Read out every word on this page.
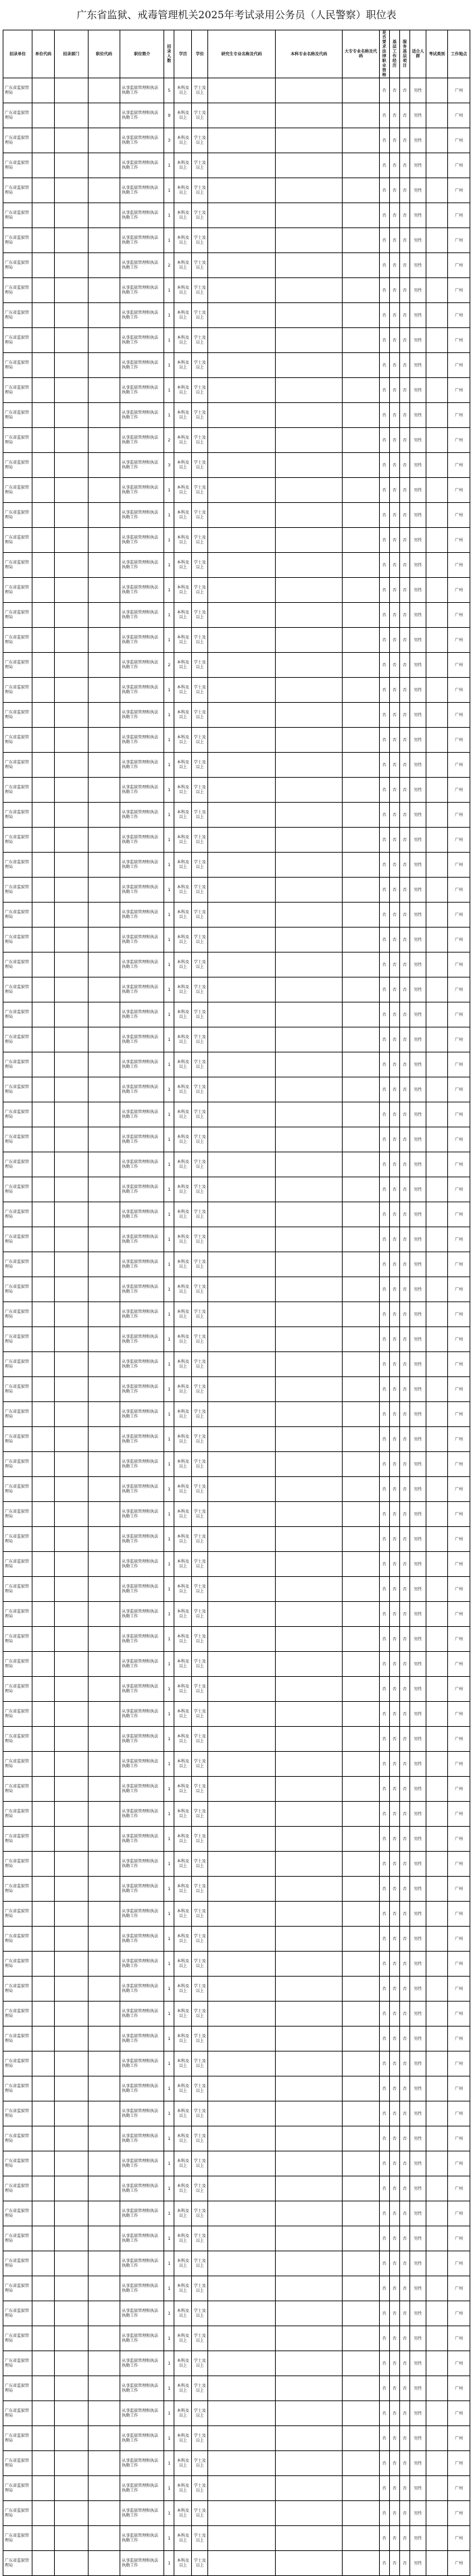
广东省监狱、戒毒管理机关2025年考试录用公务员（人民警察）职位表
招录单位	单位代码	招录部门	职位代码	职位简介	招录人数	学历	学位	研究生专业名称及代码	本科专业名称及代码	大专专业名称及代码	是否要求法律职业资格	基层工作经历	服务基层项目	适合人群	考试类别	工作地点
广东省监狱管理局				从事监狱管理和执法执勤工作	5	本科及以上	学士及以上				否	否	否	男性		广州
广东省监狱管理局				从事监狱管理和执法执勤工作	9	本科及以上	学士及以上				否	否	否	男性		广州
广东省监狱管理局				从事监狱管理和执法执勤工作	3	本科及以上	学士及以上				否	否	否	男性		广州
广东省监狱管理局				从事监狱管理和执法执勤工作	1	本科及以上	学士及以上				否	否	否	男性		广州
广东省监狱管理局				从事监狱管理和执法执勤工作	1	本科及以上	学士及以上				否	否	否	男性		广州
广东省监狱管理局				从事监狱管理和执法执勤工作	1	本科及以上	学士及以上				否	否	否	男性		广州
广东省监狱管理局				从事监狱管理和执法执勤工作	1	本科及以上	学士及以上				否	否	否	男性		广州
广东省监狱管理局				从事监狱管理和执法执勤工作	2	本科及以上	学士及以上				否	否	否	男性		广州
广东省监狱管理局				从事监狱管理和执法执勤工作	1	本科及以上	学士及以上				否	否	否	男性		广州
广东省监狱管理局				从事监狱管理和执法执勤工作	1	本科及以上	学士及以上				否	否	否	男性		广州
广东省监狱管理局				从事监狱管理和执法执勤工作	1	本科及以上	学士及以上				否	否	否	男性		广州
广东省监狱管理局				从事监狱管理和执法执勤工作	1	本科及以上	学士及以上				否	否	否	男性		广州
广东省监狱管理局				从事监狱管理和执法执勤工作	1	本科及以上	学士及以上				否	否	否	男性		广州
广东省监狱管理局				从事监狱管理和执法执勤工作	1	本科及以上	学士及以上				否	否	否	男性		广州
广东省监狱管理局				从事监狱管理和执法执勤工作	2	本科及以上	学士及以上				否	否	否	男性		广州
广东省监狱管理局				从事监狱管理和执法执勤工作	3	本科及以上	学士及以上				否	否	否	男性		广州
广东省监狱管理局				从事监狱管理和执法执勤工作	1	本科及以上	学士及以上				否	否	否	男性		广州
广东省监狱管理局				从事监狱管理和执法执勤工作	1	本科及以上	学士及以上				否	否	否	男性		广州
广东省监狱管理局				从事监狱管理和执法执勤工作	1	本科及以上	学士及以上				否	否	否	男性		广州
广东省监狱管理局				从事监狱管理和执法执勤工作	1	本科及以上	学士及以上				否	否	否	男性		广州
广东省监狱管理局				从事监狱管理和执法执勤工作	1	本科及以上	学士及以上				否	否	否	男性		广州
广东省监狱管理局				从事监狱管理和执法执勤工作	1	本科及以上	学士及以上				否	否	否	男性		广州
广东省监狱管理局				从事监狱管理和执法执勤工作	1	本科及以上	学士及以上				否	否	否	男性		广州
广东省监狱管理局				从事监狱管理和执法执勤工作	2	本科及以上	学士及以上				否	否	否	男性		广州
广东省监狱管理局				从事监狱管理和执法执勤工作	1	本科及以上	学士及以上				否	否	否	男性		广州
广东省监狱管理局				从事监狱管理和执法执勤工作	1	本科及以上	学士及以上				否	否	否	男性		广州
广东省监狱管理局				从事监狱管理和执法执勤工作	1	本科及以上	学士及以上				否	否	否	男性		广州
广东省监狱管理局				从事监狱管理和执法执勤工作	1	本科及以上	学士及以上				否	否	否	男性		广州
广东省监狱管理局				从事监狱管理和执法执勤工作	1	本科及以上	学士及以上				否	否	否	男性		广州
广东省监狱管理局				从事监狱管理和执法执勤工作	1	本科及以上	学士及以上				否	否	否	男性		广州
广东省监狱管理局				从事监狱管理和执法执勤工作	1	本科及以上	学士及以上				否	否	否	男性		广州
广东省监狱管理局				从事监狱管理和执法执勤工作	1	本科及以上	学士及以上				否	否	否	男性		广州
广东省监狱管理局				从事监狱管理和执法执勤工作	1	本科及以上	学士及以上				否	否	否	男性		广州
广东省监狱管理局				从事监狱管理和执法执勤工作	1	本科及以上	学士及以上				否	否	否	男性		广州
广东省监狱管理局				从事监狱管理和执法执勤工作	1	本科及以上	学士及以上				否	否	否	男性		广州
广东省监狱管理局				从事监狱管理和执法执勤工作	1	本科及以上	学士及以上				否	否	否	男性		广州
广东省监狱管理局				从事监狱管理和执法执勤工作	1	本科及以上	学士及以上				否	否	否	男性		广州
广东省监狱管理局				从事监狱管理和执法执勤工作	1	本科及以上	学士及以上				否	否	否	男性		广州
广东省监狱管理局				从事监狱管理和执法执勤工作	1	本科及以上	学士及以上				否	否	否	男性		广州
广东省监狱管理局				从事监狱管理和执法执勤工作	1	本科及以上	学士及以上				否	否	否	男性		广州
广东省监狱管理局				从事监狱管理和执法执勤工作	1	本科及以上	学士及以上				否	否	否	男性		广州
广东省监狱管理局				从事监狱管理和执法执勤工作	1	本科及以上	学士及以上				否	否	否	男性		广州
广东省监狱管理局				从事监狱管理和执法执勤工作	1	本科及以上	学士及以上				否	否	否	男性		广州
广东省监狱管理局				从事监狱管理和执法执勤工作	1	本科及以上	学士及以上				否	否	否	男性		广州
广东省监狱管理局				从事监狱管理和执法执勤工作	1	本科及以上	学士及以上				否	否	否	男性		广州
广东省监狱管理局				从事监狱管理和执法执勤工作	1	本科及以上	学士及以上				否	否	否	男性		广州
广东省监狱管理局				从事监狱管理和执法执勤工作	1	本科及以上	学士及以上				否	否	否	男性		广州
广东省监狱管理局				从事监狱管理和执法执勤工作	1	本科及以上	学士及以上				否	否	否	男性		广州
广东省监狱管理局				从事监狱管理和执法执勤工作	1	本科及以上	学士及以上				否	否	否	男性		广州
广东省监狱管理局				从事监狱管理和执法执勤工作	1	本科及以上	学士及以上				否	否	否	男性		广州
广东省监狱管理局				从事监狱管理和执法执勤工作	1	本科及以上	学士及以上				否	否	否	男性		广州
广东省监狱管理局				从事监狱管理和执法执勤工作	1	本科及以上	学士及以上				否	否	否	男性		广州
广东省监狱管理局				从事监狱管理和执法执勤工作	1	本科及以上	学士及以上				否	否	否	男性		广州
广东省监狱管理局				从事监狱管理和执法执勤工作	1	本科及以上	学士及以上				否	否	否	男性		广州
广东省监狱管理局				从事监狱管理和执法执勤工作	1	本科及以上	学士及以上				否	否	否	男性		广州
广东省监狱管理局				从事监狱管理和执法执勤工作	1	本科及以上	学士及以上				否	否	否	男性		广州
广东省监狱管理局				从事监狱管理和执法执勤工作	1	本科及以上	学士及以上				否	否	否	男性		广州
广东省监狱管理局				从事监狱管理和执法执勤工作	1	本科及以上	学士及以上				否	否	否	男性		广州
广东省监狱管理局				从事监狱管理和执法执勤工作	1	本科及以上	学士及以上				否	否	否	男性		广州
广东省监狱管理局				从事监狱管理和执法执勤工作	1	本科及以上	学士及以上				否	否	否	男性		广州
广东省监狱管理局				从事监狱管理和执法执勤工作	1	本科及以上	学士及以上				否	否	否	男性		广州
广东省监狱管理局				从事监狱管理和执法执勤工作	1	本科及以上	学士及以上				否	否	否	男性		广州
广东省监狱管理局				从事监狱管理和执法执勤工作	1	本科及以上	学士及以上				否	否	否	男性		广州
广东省监狱管理局				从事监狱管理和执法执勤工作	1	本科及以上	学士及以上				否	否	否	男性		广州
广东省监狱管理局				从事监狱管理和执法执勤工作	1	本科及以上	学士及以上				否	否	否	男性		广州
广东省监狱管理局				从事监狱管理和执法执勤工作	1	本科及以上	学士及以上				否	否	否	男性		广州
广东省监狱管理局				从事监狱管理和执法执勤工作	1	本科及以上	学士及以上				否	否	否	男性		广州
广东省监狱管理局				从事监狱管理和执法执勤工作	1	本科及以上	学士及以上				否	否	否	男性		广州
广东省监狱管理局				从事监狱管理和执法执勤工作	1	本科及以上	学士及以上				否	否	否	男性		广州
广东省监狱管理局				从事监狱管理和执法执勤工作	1	本科及以上	学士及以上				否	否	否	男性		广州
广东省监狱管理局				从事监狱管理和执法执勤工作	1	本科及以上	学士及以上				否	否	否	男性		广州
广东省监狱管理局				从事监狱管理和执法执勤工作	1	本科及以上	学士及以上				否	否	否	男性		广州
广东省监狱管理局				从事监狱管理和执法执勤工作	1	本科及以上	学士及以上				否	否	否	男性		广州
广东省监狱管理局				从事监狱管理和执法执勤工作	1	本科及以上	学士及以上				否	否	否	男性		广州
广东省监狱管理局				从事监狱管理和执法执勤工作	1	本科及以上	学士及以上				否	否	否	男性		广州
广东省监狱管理局				从事监狱管理和执法执勤工作	1	本科及以上	学士及以上				否	否	否	男性		广州
广东省监狱管理局				从事监狱管理和执法执勤工作	1	本科及以上	学士及以上				否	否	否	男性		广州
广东省监狱管理局				从事监狱管理和执法执勤工作	1	本科及以上	学士及以上				否	否	否	男性		广州
广东省监狱管理局				从事监狱管理和执法执勤工作	1	本科及以上	学士及以上				否	否	否	男性		广州
广东省监狱管理局				从事监狱管理和执法执勤工作	1	本科及以上	学士及以上				否	否	否	男性		广州
广东省监狱管理局				从事监狱管理和执法执勤工作	1	本科及以上	学士及以上				否	否	否	男性		广州
广东省监狱管理局				从事监狱管理和执法执勤工作	1	本科及以上	学士及以上				否	否	否	男性		广州
广东省监狱管理局				从事监狱管理和执法执勤工作	1	本科及以上	学士及以上				否	否	否	男性		广州
广东省监狱管理局				从事监狱管理和执法执勤工作	1	本科及以上	学士及以上				否	否	否	男性		广州
广东省监狱管理局				从事监狱管理和执法执勤工作	1	本科及以上	学士及以上				否	否	否	男性		广州
广东省监狱管理局				从事监狱管理和执法执勤工作	1	本科及以上	学士及以上				否	否	否	男性		广州
广东省监狱管理局				从事监狱管理和执法执勤工作	1	本科及以上	学士及以上				否	否	否	男性		广州
广东省监狱管理局				从事监狱管理和执法执勤工作	1	本科及以上	学士及以上				否	否	否	男性		广州
广东省监狱管理局				从事监狱管理和执法执勤工作	1	本科及以上	学士及以上				否	否	否	男性		广州
广东省监狱管理局				从事监狱管理和执法执勤工作	1	本科及以上	学士及以上				否	否	否	男性		广州
广东省监狱管理局				从事监狱管理和执法执勤工作	1	本科及以上	学士及以上				否	否	否	男性		广州
广东省监狱管理局				从事监狱管理和执法执勤工作	1	本科及以上	学士及以上				否	否	否	男性		广州
广东省监狱管理局				从事监狱管理和执法执勤工作	1	本科及以上	学士及以上				否	否	否	男性		广州
广东省监狱管理局				从事监狱管理和执法执勤工作	1	本科及以上	学士及以上				否	否	否	男性		广州
广东省监狱管理局				从事监狱管理和执法执勤工作	1	本科及以上	学士及以上				否	否	否	男性		广州
广东省监狱管理局				从事监狱管理和执法执勤工作	1	本科及以上	学士及以上				否	否	否	男性		广州
广东省监狱管理局				从事监狱管理和执法执勤工作	1	本科及以上	学士及以上				否	否	否	男性		广州
广东省监狱管理局				从事监狱管理和执法执勤工作	1	本科及以上	学士及以上				否	否	否	男性		广州
广东省监狱管理局				从事监狱管理和执法执勤工作	1	本科及以上	学士及以上				否	否	否	男性		广州
广东省监狱管理局				从事监狱管理和执法执勤工作	1	本科及以上	学士及以上				否	否	否	男性		广州
